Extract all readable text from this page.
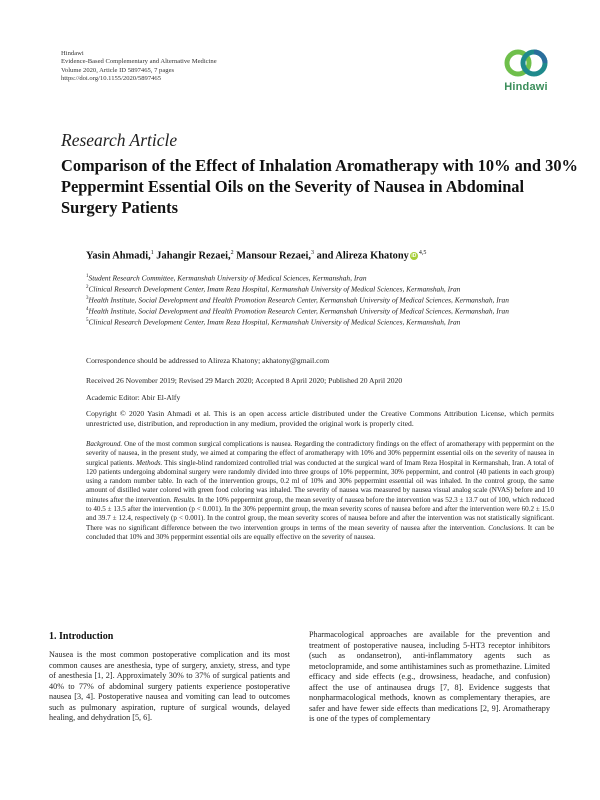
Hindawi
Evidence-Based Complementary and Alternative Medicine
Volume 2020, Article ID 5897465, 7 pages
https://doi.org/10.1155/2020/5897465
Hindawi
Research Article
Comparison of the Effect of Inhalation Aromatherapy with 10% and 30% Peppermint Essential Oils on the Severity of Nausea in Abdominal Surgery Patients
Yasin Ahmadi,$^1$ Jahangir Rezaei,$^2$ Mansour Rezaei,$^3$ and Alireza Khatony iD$^{4,5}$
$^1$Student Research Committee, Kermanshah University of Medical Sciences, Kermanshah, Iran
$^2$Clinical Research Development Center, Imam Reza Hospital, Kermanshah University of Medical Sciences, Kermanshah, Iran
$^3$Health Institute, Social Development and Health Promotion Research Center, Kermanshah University of Medical Sciences, Kermanshah, Iran
$^4$Health Institute, Social Development and Health Promotion Research Center, Kermanshah University of Medical Sciences, Kermanshah, Iran
$^5$Clinical Research Development Center, Imam Reza Hospital, Kermanshah University of Medical Sciences, Kermanshah, Iran
Correspondence should be addressed to Alireza Khatony; akhatony@gmail.com
Received 26 November 2019; Revised 29 March 2020; Accepted 8 April 2020; Published 20 April 2020
Academic Editor: Abir El-Alfy
Copyright © 2020 Yasin Ahmadi et al. This is an open access article distributed under the Creative Commons Attribution License, which permits unrestricted use, distribution, and reproduction in any medium, provided the original work is properly cited.
Background. One of the most common surgical complications is nausea. Regarding the contradictory findings on the effect of aromatherapy with peppermint on the severity of nausea, in the present study, we aimed at comparing the effect of aromatherapy with 10% and 30% peppermint essential oils on the severity of nausea in surgical patients. Methods. This single-blind randomized controlled trial was conducted at the surgical ward of Imam Reza Hospital in Kermanshah, Iran. A total of 120 patients undergoing abdominal surgery were randomly divided into three groups of 10% peppermint, 30% peppermint, and control (40 patients in each group) using a random number table. In each of the intervention groups, 0.2 ml of 10% and 30% peppermint essential oil was inhaled. In the control group, the same amount of distilled water colored with green food coloring was inhaled. The severity of nausea was measured by nausea visual analog scale (NVAS) before and 10 minutes after the intervention. Results. In the 10% peppermint group, the mean severity of nausea before the intervention was 52.3 ± 13.7 out of 100, which reduced to 40.5 ± 13.5 after the intervention (p < 0.001). In the 30% peppermint group, the mean severity scores of nausea before and after the intervention were 60.2 ± 15.0 and 39.7 ± 12.4, respectively (p < 0.001). In the control group, the mean severity scores of nausea before and after the intervention was not statistically significant. There was no significant difference between the two intervention groups in terms of the mean severity of nausea after the intervention. Conclusions. It can be concluded that 10% and 30% peppermint essential oils are equally effective on the severity of nausea.
1. Introduction
Nausea is the most common postoperative complication and its most common causes are anesthesia, type of surgery, anxiety, stress, and type of anesthesia [1, 2]. Approximately 30% to 37% of surgical patients and 40% to 77% of abdominal surgery patients experience postoperative nausea [3, 4]. Postoperative nausea and vomiting can lead to outcomes such as pulmonary aspiration, rupture of surgical wounds, delayed healing, and dehydration [5, 6].
Pharmacological approaches are available for the prevention and treatment of postoperative nausea, including 5-HT3 receptor inhibitors (such as ondansetron), anti-inflammatory agents such as metoclopramide, and some antihistamines such as promethazine. Limited efficacy and side effects (e.g., drowsiness, headache, and confusion) affect the use of antinausea drugs [7, 8]. Evidence suggests that nonpharmacological methods, known as complementary therapies, are safer and have fewer side effects than medications [2, 9]. Aromatherapy is one of the types of complementary
